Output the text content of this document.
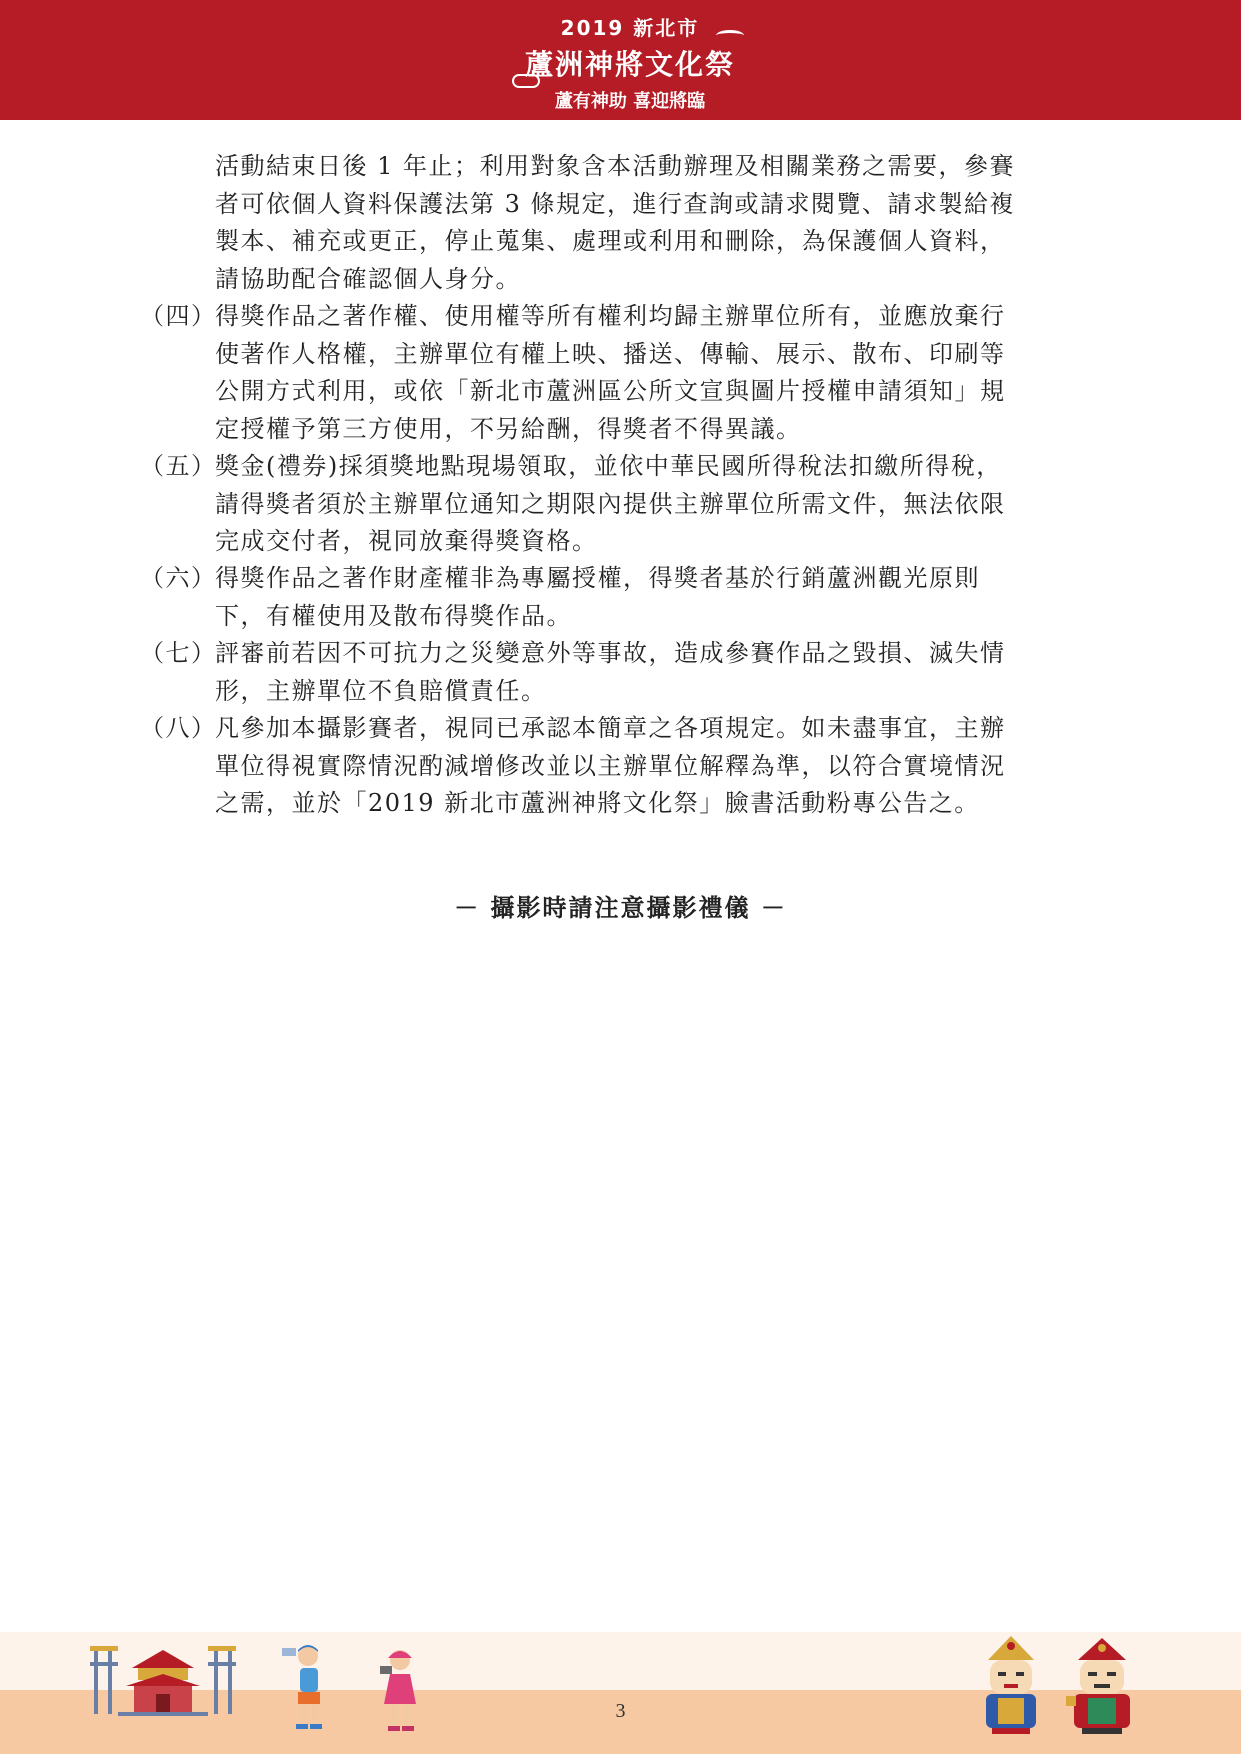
2019 新北市
蘆洲神將文化祭
蘆有神助 喜迎將臨
活動結束日後 1 年止；利用對象含本活動辦理及相關業務之需要，參賽
者可依個人資料保護法第 3 條規定，進行查詢或請求閱覽、請求製給複
製本、補充或更正，停止蒐集、處理或利用和刪除，為保護個人資料，
請協助配合確認個人身分。
（四）
得獎作品之著作權、使用權等所有權利均歸主辦單位所有，並應放棄行
使著作人格權，主辦單位有權上映、播送、傳輸、展示、散布、印刷等
公開方式利用，或依「新北市蘆洲區公所文宣與圖片授權申請須知」規
定授權予第三方使用，不另給酬，得獎者不得異議。
（五）
獎金(禮券)採須獎地點現場領取，並依中華民國所得稅法扣繳所得稅，
請得獎者須於主辦單位通知之期限內提供主辦單位所需文件，無法依限
完成交付者，視同放棄得獎資格。
（六）
得獎作品之著作財產權非為專屬授權，得獎者基於行銷蘆洲觀光原則
下，有權使用及散布得獎作品。
（七）
評審前若因不可抗力之災變意外等事故，造成參賽作品之毀損、滅失情
形，主辦單位不負賠償責任。
（八）
凡參加本攝影賽者，視同已承認本簡章之各項規定。如未盡事宜，主辦
單位得視實際情況酌減增修改並以主辦單位解釋為準，以符合實境情況
之需，並於「2019 新北市蘆洲神將文化祭」臉書活動粉專公告之。
－ 攝影時請注意攝影禮儀 －
3
